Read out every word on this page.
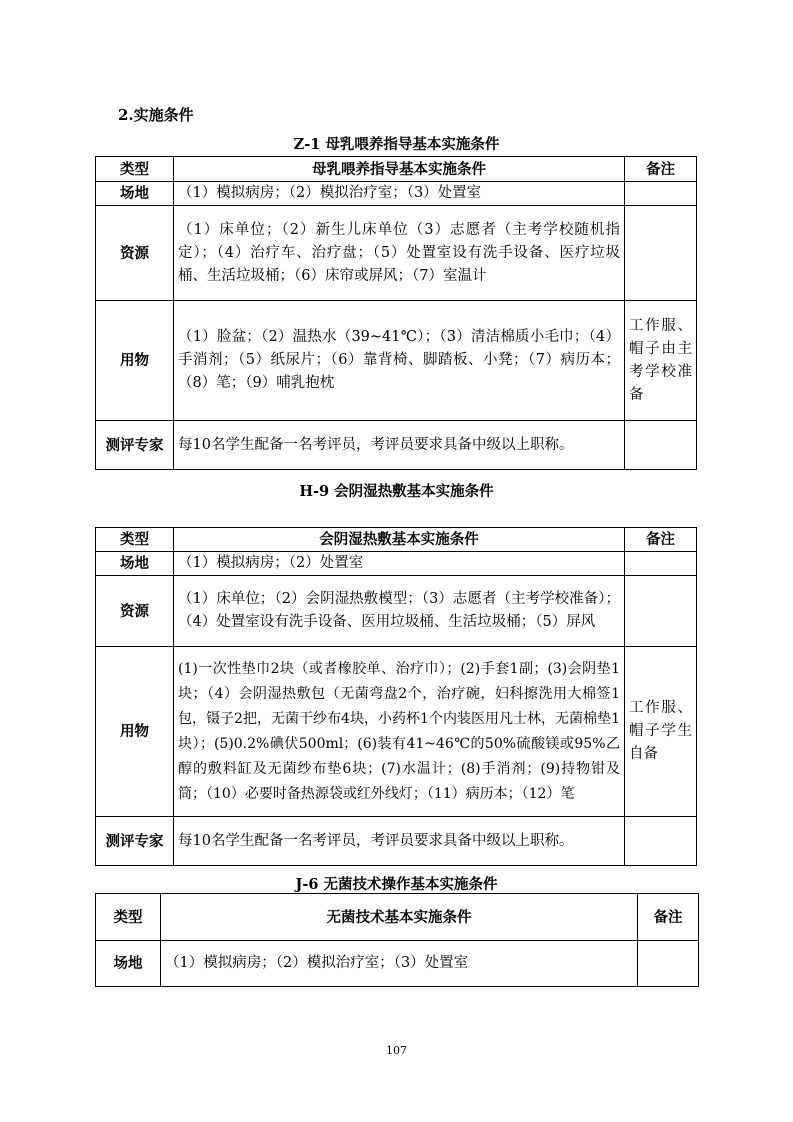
2.实施条件
Z-1 母乳喂养指导基本实施条件
类型	母乳喂养指导基本实施条件	备注
场地	（1）模拟病房；（2）模拟治疗室；（3）处置室	
资源	（1）床单位；（2）新生儿床单位（3）志愿者（主考学校随机指定）；（4）治疗车、治疗盘；（5）处置室设有洗手设备、医疗垃圾桶、生活垃圾桶；（6）床帘或屏风；（7）室温计	
用物	（1）脸盆；（2）温热水（39~41℃）；（3）清洁棉质小毛巾；（4）手消剂；（5）纸尿片；（6）靠背椅、脚踏板、小凳；（7）病历本；（8）笔；（9）哺乳抱枕	工作服、帽子由主考学校准备
测评专家	每10名学生配备一名考评员，考评员要求具备中级以上职称。	
H-9 会阴湿热敷基本实施条件
类型	会阴湿热敷基本实施条件	备注
场地	（1）模拟病房；（2）处置室	
资源	（1）床单位；（2）会阴湿热敷模型；（3）志愿者（主考学校准备）；（4）处置室设有洗手设备、医用垃圾桶、生活垃圾桶；（5）屏风	
用物	(1)一次性垫巾2块（或者橡胶单、治疗巾）；(2)手套1副；(3)会阴垫1块；（4）会阴湿热敷包（无菌弯盘2个，治疗碗，妇科擦洗用大棉签1包，镊子2把，无菌干纱布4块，小药杯1个内装医用凡士林，无菌棉垫1块）；(5)0.2%碘伏500ml；(6)装有41~46℃的50%硫酸镁或95%乙醇的敷料缸及无菌纱布垫6块；(7)水温计；(8)手消剂；(9)持物钳及筒；（10）必要时备热源袋或红外线灯；（11）病历本；（12）笔	工作服、帽子学生自备
测评专家	每10名学生配备一名考评员，考评员要求具备中级以上职称。	
J-6 无菌技术操作基本实施条件
类型	无菌技术基本实施条件	备注
场地	（1）模拟病房；（2）模拟治疗室；（3）处置室	
107
